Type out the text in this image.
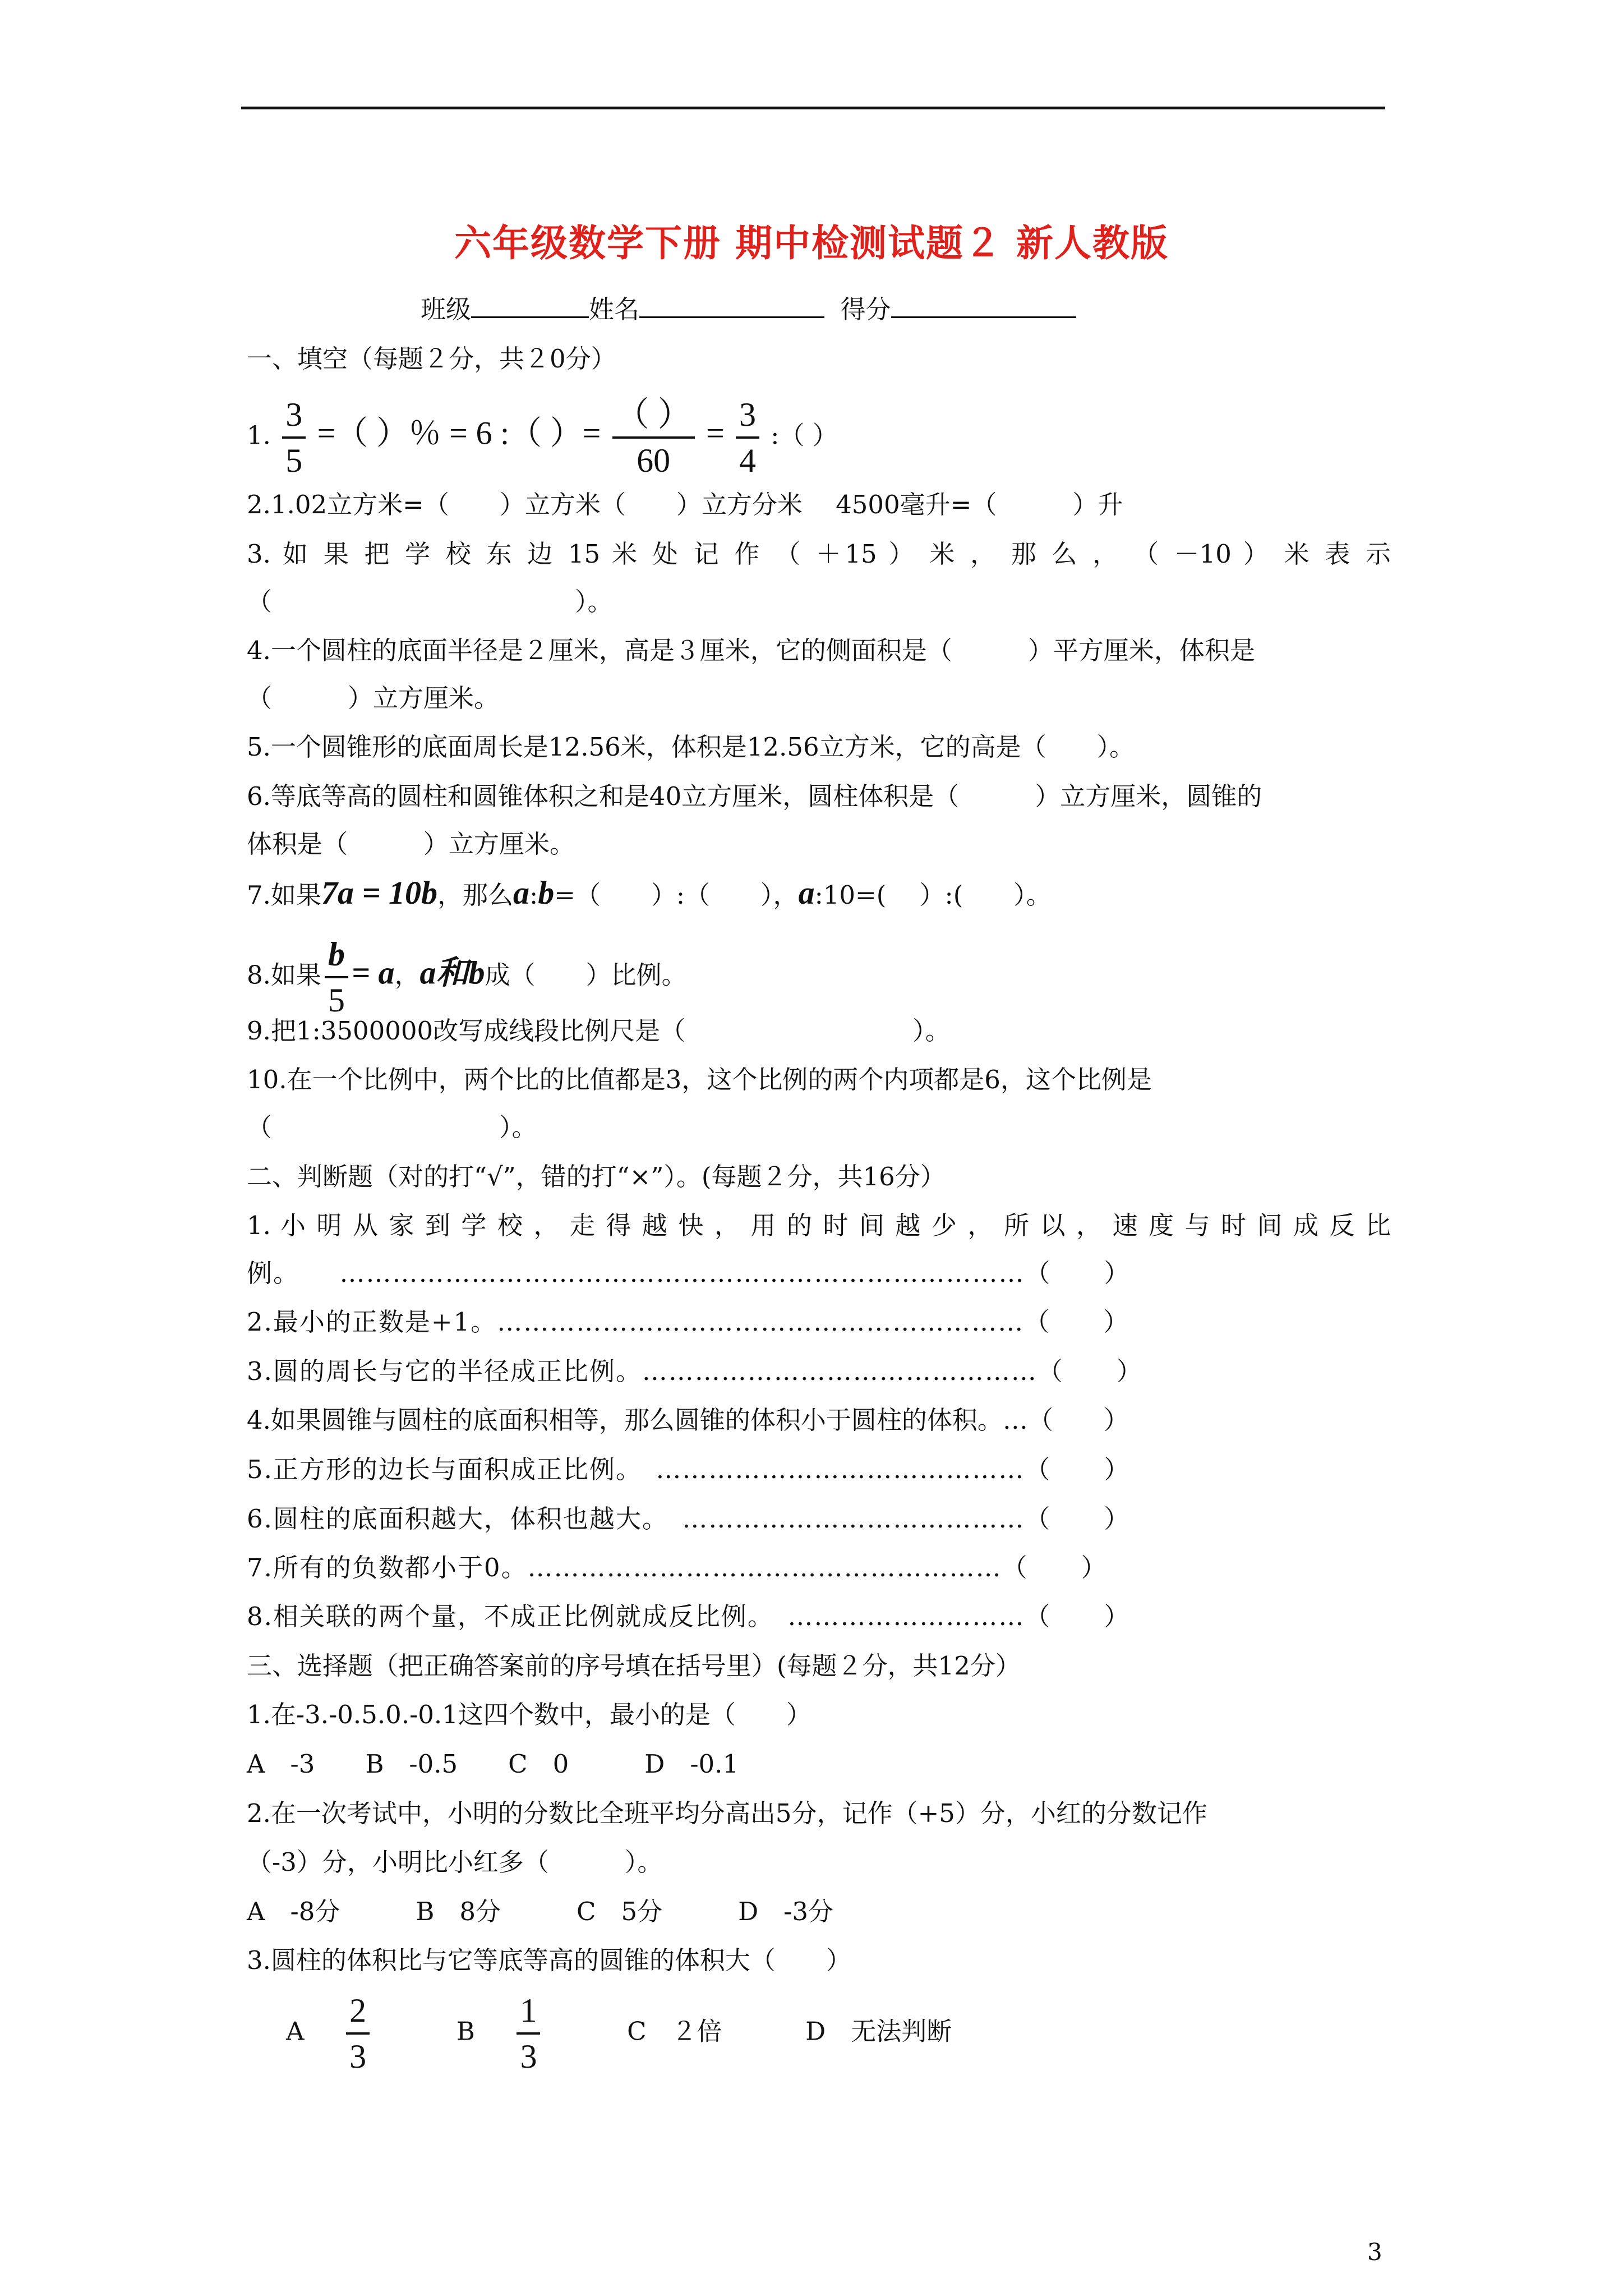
六年级数学下册 期中检测试题２ 新人教版
班级	姓名	得分
一、填空（每题２分，共２0分）
1. $\frac{3}{5}$ =（ ）％ = 6 :（ ）= $\frac{( )}{60} = \frac{3}{4}$ :（ ）
2.1.02立方米=（　　）立方米（　　）立方分米　 4500毫升=（　　　）升
3. 如 果 把 学 校 东 边 15 米 处 记 作 （ ＋15 ） 米 ， 那 么 ， （ －10 ） 米 表 示
（　　　　　　　　　　　　）。
4.一个圆柱的底面半径是２厘米，高是３厘米，它的侧面积是（　　　）平方厘米，体积是
（　　　）立方厘米。
5.一个圆锥形的底面周长是12.56米，体积是12.56立方米，它的高是（　　）。
6.等底等高的圆柱和圆锥体积之和是40立方厘米，圆柱体积是（　　　）立方厘米，圆锥的
体积是（　　　）立方厘米。
7.如果7a = 10b，那么a:b=（　　）:（　　），a:10=(　 ）:(　　）。
8.如果 $\frac{b}{5} = a$，a和b成（　　）比例。
9.把1:3500000改写成线段比例尺是（　　　　　　　　　）。
10.在一个比例中，两个比的比值都是3，这个比例的两个内项都是6，这个比例是
（　　　　　　　　　）。
二、判断题（对的打“√”，错的打“×”）。(每题２分，共16分）
1. 小 明 从 家 到 学 校 ， 走 得 越 快 ， 用 的 时 间 越 少 ， 所 以 ， 速 度 与 时 间 成 反 比
例。　　……………………………………………………………………（　　）
2.最小的正数是+1。……………………………………………………（　　）
3.圆的周长与它的半径成正比例。………………………………………（　　）
4.如果圆锥与圆柱的底面积相等，那么圆锥的体积小于圆柱的体积。…（　　）
5.正方形的边长与面积成正比例。　……………………………………（　　）
6.圆柱的底面积越大，体积也越大。　…………………………………（　　）
7.所有的负数都小于0。………………………………………………（　　）
8.相关联的两个量，不成正比例就成反比例。　………………………（　　）
三、选择题（把正确答案前的序号填在括号里）(每题２分，共12分）
1.在-3.-0.5.0.-0.1这四个数中，最小的是（　　）
A　-3　　B　-0.5　　C　0　　　D　-0.1
2.在一次考试中，小明的分数比全班平均分高出5分，记作（+5）分，小红的分数记作
（-3）分，小明比小红多（　　　）。
A　-8分　　　B　8分　　　C　5分　　　D　-3分
3.圆柱的体积比与它等底等高的圆锥的体积大（　　）
A $\frac{2}{3}$	B $\frac{1}{3}$	C　２倍	D　无法判断
3
